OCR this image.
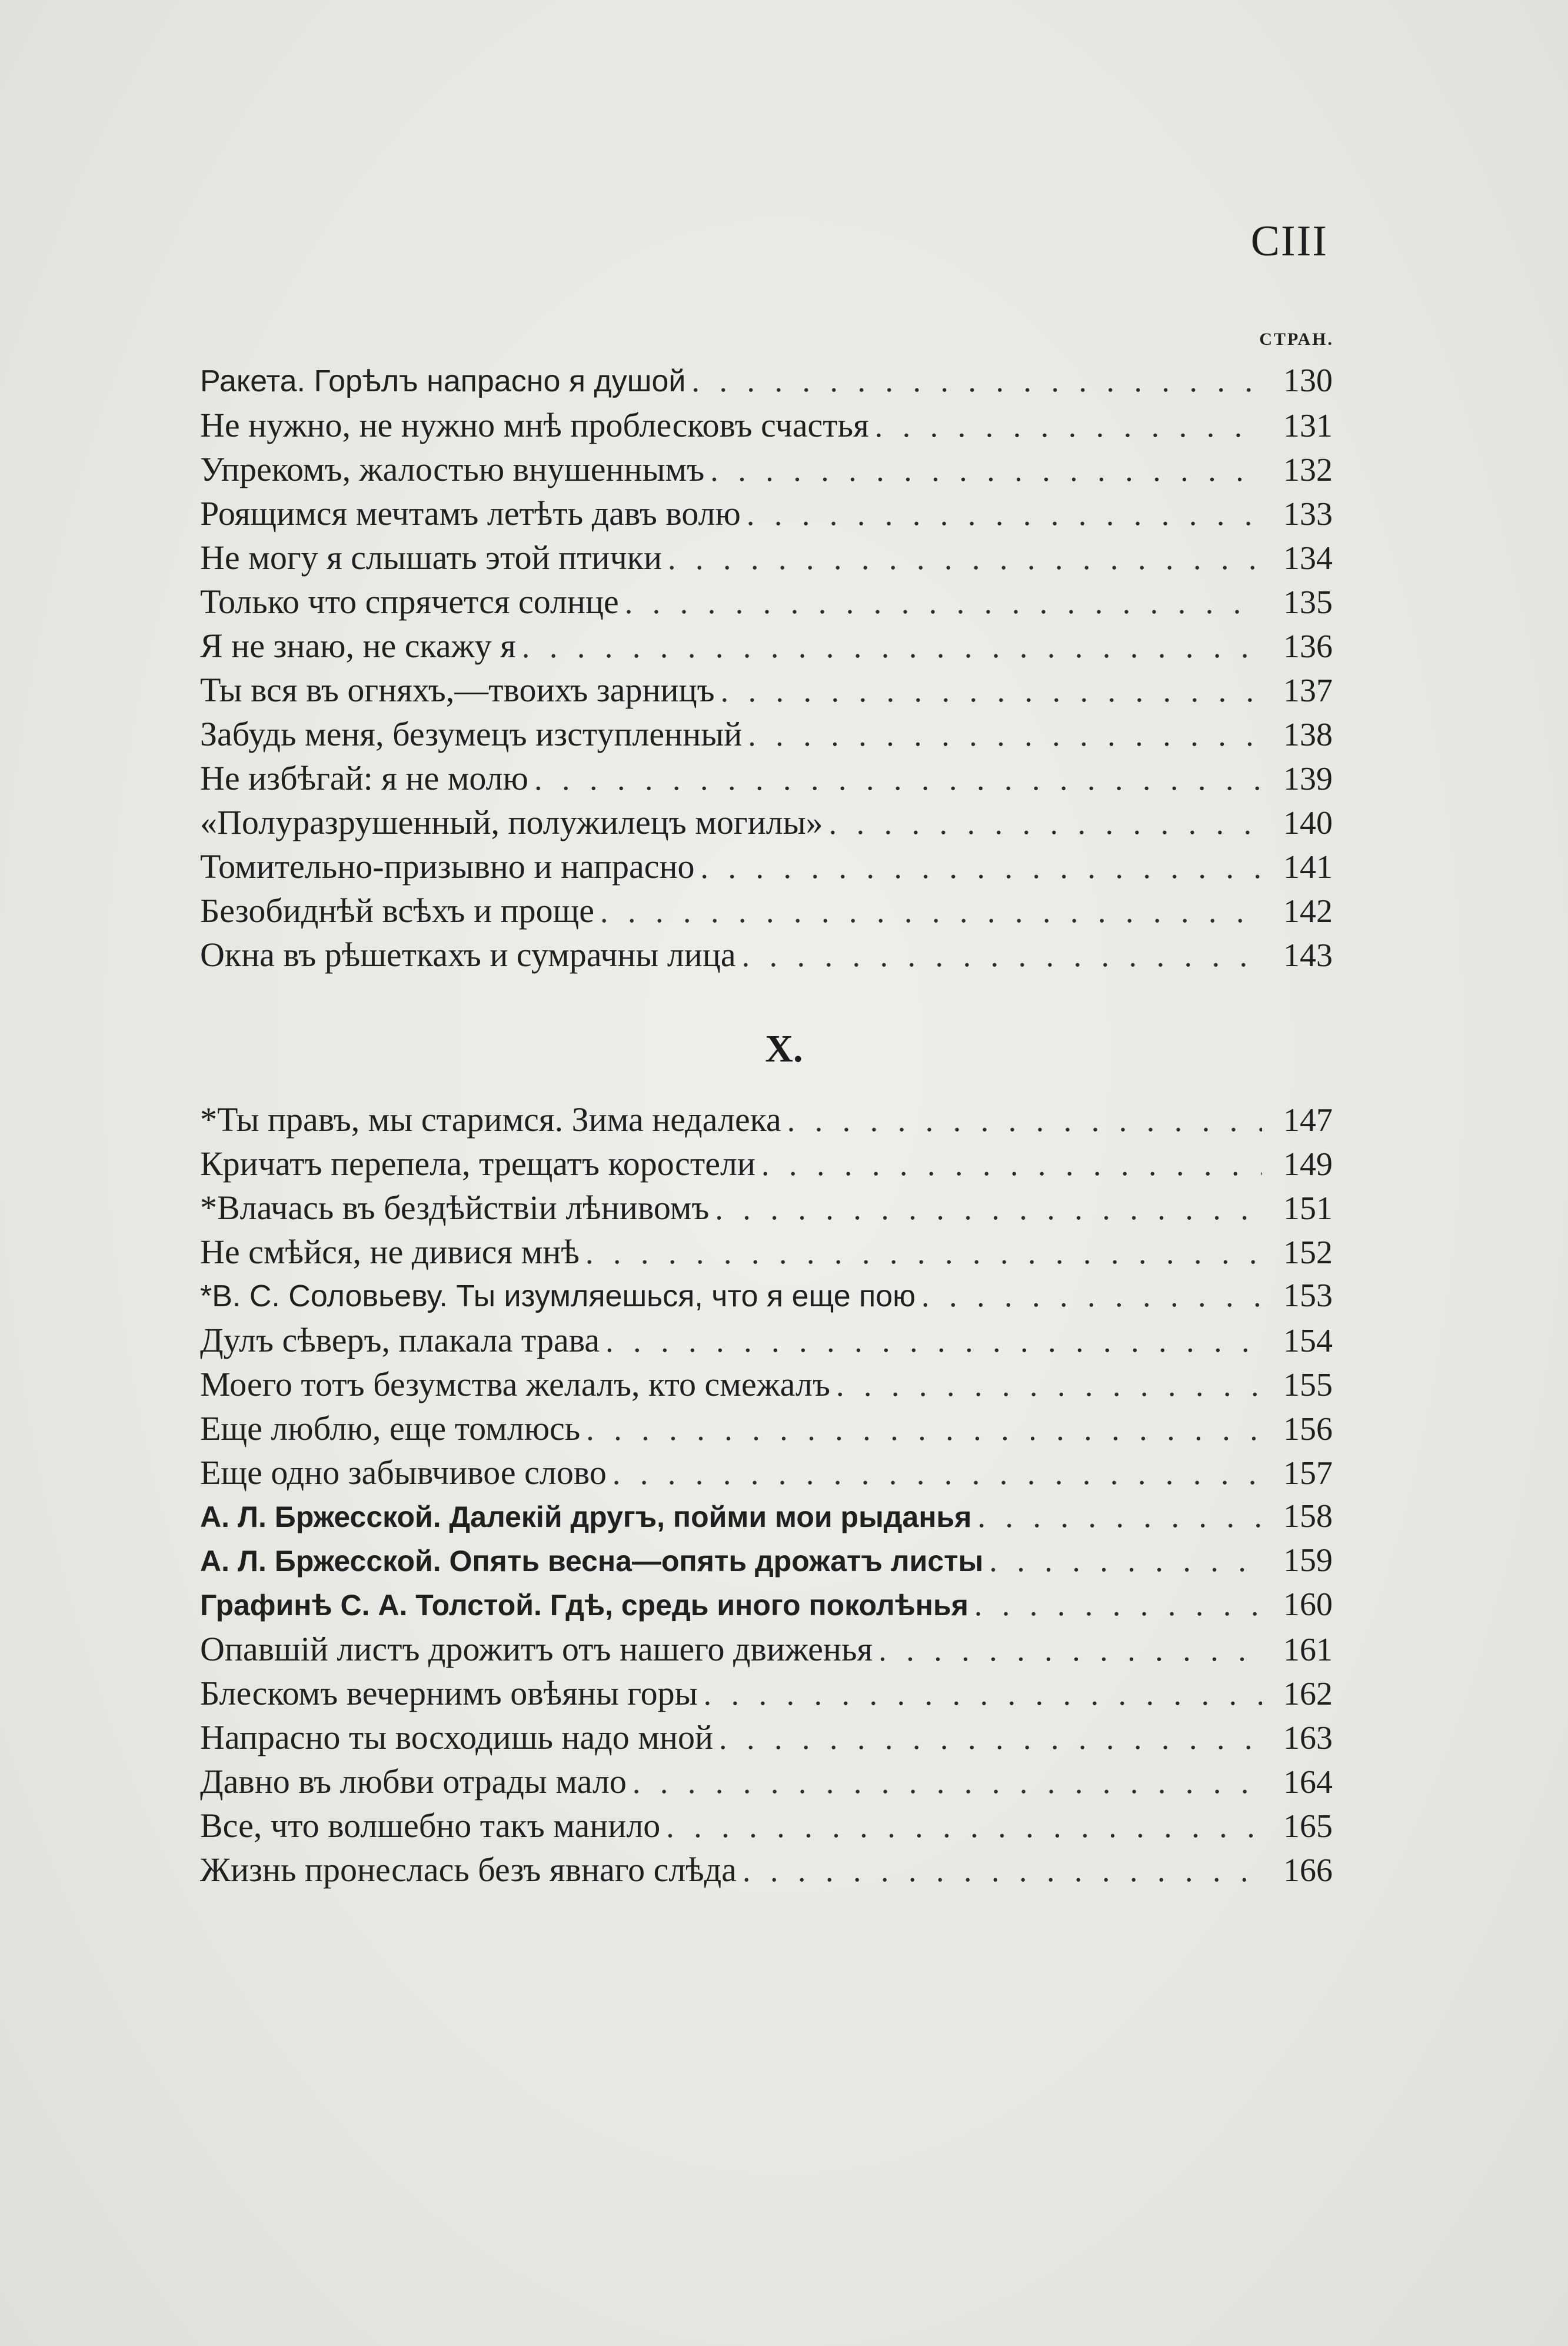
CIII
СТРАН.
Ракета. Горѣлъ напрасно я душой . . .	130
Не нужно, не нужно мнѣ проблесковъ счастья . . .	131
Упрекомъ, жалостью внушеннымъ . . .	132
Роящимся мечтамъ летѣть давъ волю . . .	133
Не могу я слышать этой птички . . .	134
Только что спрячется солнце . . .	135
Я не знаю, не скажу я . . .	136
Ты вся въ огняхъ,—твоихъ зарницъ . . .	137
Забудь меня, безумецъ изступленный . . .	138
Не избѣгай: я не молю . . .	139
«Полуразрушенный, полужилецъ могилы» . . .	140
Томительно-призывно и напрасно . . .	141
Безобиднѣй всѣхъ и проще . . .	142
Окна въ рѣшеткахъ и сумрачны лица . . .	143
X.
*Ты правъ, мы старимся. Зима недалека . . .	147
Кричатъ перепела, трещатъ коростели . . .	149
*Влачась въ бездѣйствіи лѣнивомъ . . .	151
Не смѣйся, не дивися мнѣ . . .	152
*В. С. Соловьеву. Ты изумляешься, что я еще пою . . .	153
Дулъ сѣверъ, плакала трава . . .	154
Моего тотъ безумства желалъ, кто смежалъ . . .	155
Еще люблю, еще томлюсь . . .	156
Еще одно забывчивое слово . . .	157
А. Л. Бржесской. Далекій другъ, пойми мои рыданья . . .	158
А. Л. Бржесской. Опять весна—опять дрожатъ листы . . .	159
Графинѣ С. А. Толстой. Гдѣ, средь иного поколѣнья . . .	160
Опавшій листъ дрожитъ отъ нашего движенья . . .	161
Блескомъ вечернимъ овѣяны горы . . .	162
Напрасно ты восходишь надо мной . . .	163
Давно въ любви отрады мало . . .	164
Все, что волшебно такъ манило . . .	165
Жизнь пронеслась безъ явнаго слѣда . . .	166
